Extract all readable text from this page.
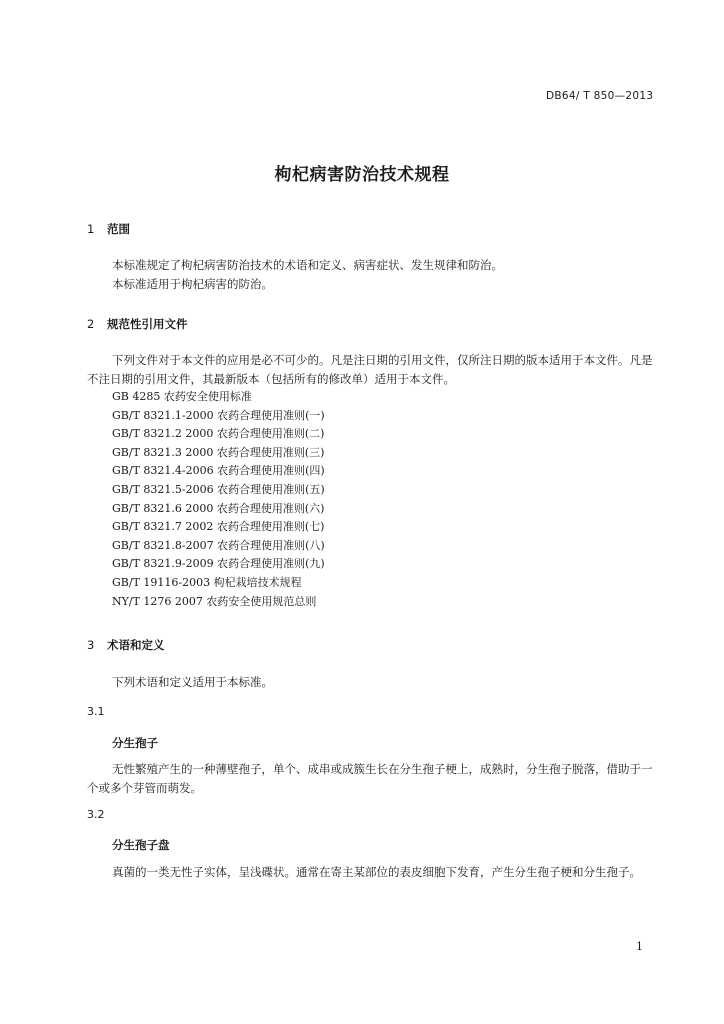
DB64/ T 850—2013
枸杞病害防治技术规程
1 范围
本标准规定了枸杞病害防治技术的术语和定义、病害症状、发生规律和防治。
本标准适用于枸杞病害的防治。
2 规范性引用文件
下列文件对于本文件的应用是必不可少的。凡是注日期的引用文件，仅所注日期的版本适用于本文件。凡是不注日期的引用文件，其最新版本（包括所有的修改单）适用于本文件。
GB 4285 农药安全使用标准
GB/T 8321.1-2000 农药合理使用准则(一)
GB/T 8321.2 2000 农药合理使用准则(二)
GB/T 8321.3 2000 农药合理使用准则(三)
GB/T 8321.4-2006 农药合理使用准则(四)
GB/T 8321.5-2006 农药合理使用准则(五)
GB/T 8321.6 2000 农药合理使用准则(六)
GB/T 8321.7 2002 农药合理使用准则(七)
GB/T 8321.8-2007 农药合理使用准则(八)
GB/T 8321.9-2009 农药合理使用准则(九)
GB/T 19116-2003 枸杞栽培技术规程
NY/T 1276 2007 农药安全使用规范总则
3 术语和定义
下列术语和定义适用于本标准。
3.1
分生孢子
无性繁殖产生的一种薄壁孢子，单个、成串或成簇生长在分生孢子梗上，成熟时，分生孢子脱落，借助于一个或多个芽管而萌发。
3.2
分生孢子盘
真菌的一类无性子实体，呈浅碟状。通常在寄主某部位的表皮细胞下发育，产生分生孢子梗和分生孢子。
1
